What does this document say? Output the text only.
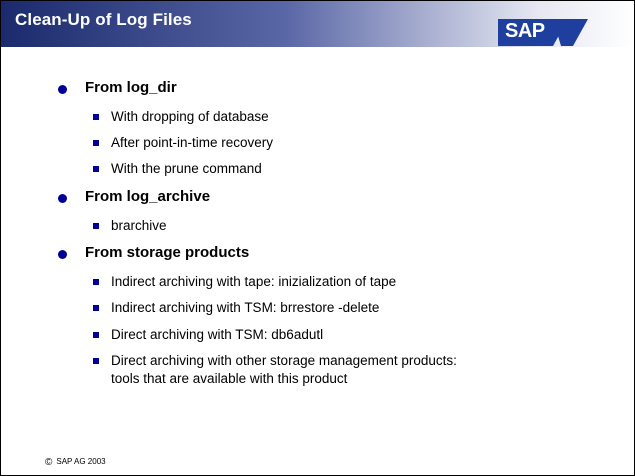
Clean-Up of Log Files
SAP
From log_dir
With dropping of database
After point-in-time recovery
With the prune command
From log_archive
brarchive
From storage products
Indirect archiving with tape: inizialization of tape
Indirect archiving with TSM: brrestore -delete
Direct archiving with TSM: db6adutl
Direct archiving with other storage management products:
tools that are available with this product
© SAP AG 2003
